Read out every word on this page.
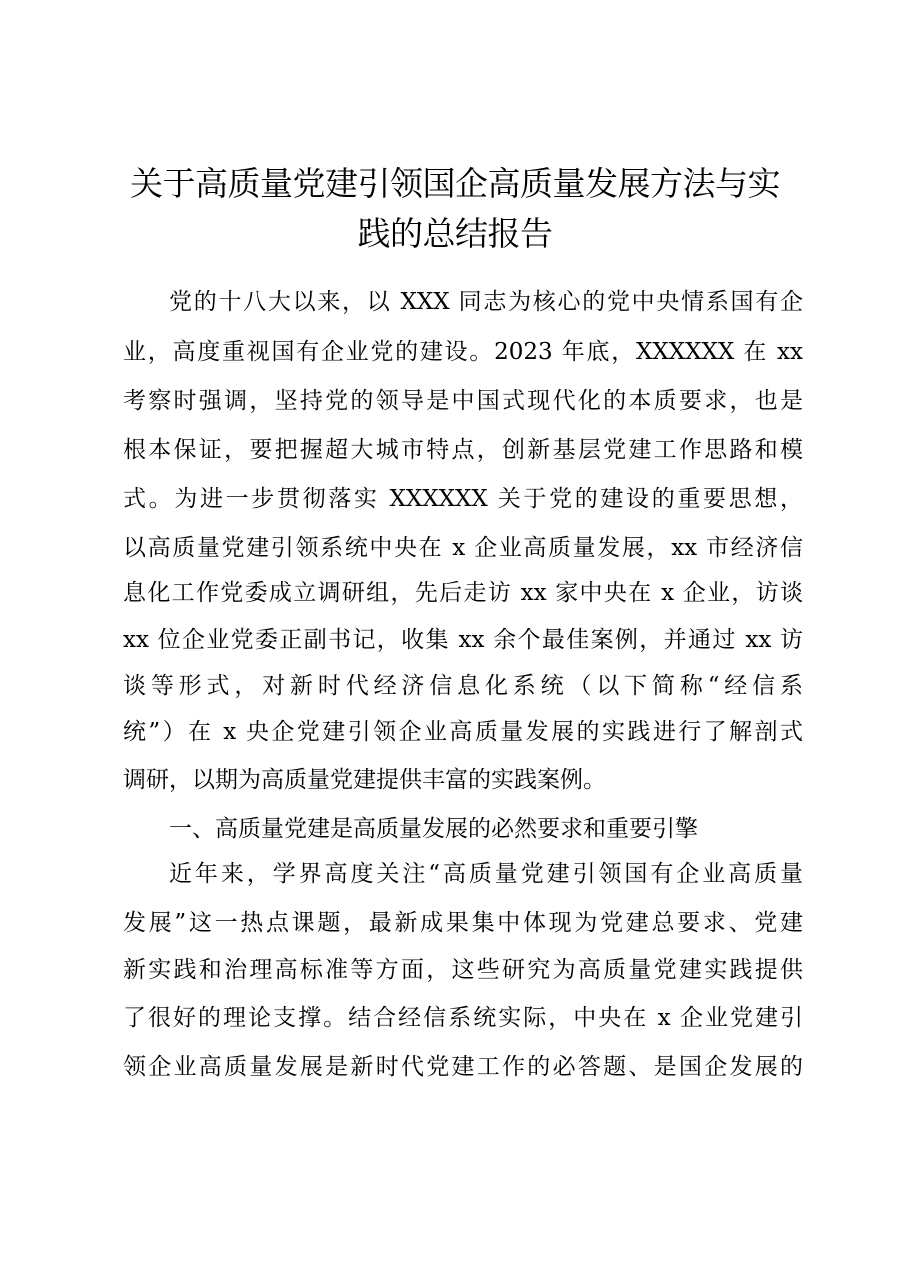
关于高质量党建引领国企高质量发展方法与实
践的总结报告
党的十八大以来，以 XXX 同志为核心的党中央情系国有企
业，高度重视国有企业党的建设。2023 年底，XXXXXX 在 xx
考察时强调，坚持党的领导是中国式现代化的本质要求，也是
根本保证，要把握超大城市特点，创新基层党建工作思路和模
式。为进一步贯彻落实 XXXXXX 关于党的建设的重要思想，
以高质量党建引领系统中央在 x 企业高质量发展，xx 市经济信
息化工作党委成立调研组，先后走访 xx 家中央在 x 企业，访谈
xx 位企业党委正副书记，收集 xx 余个最佳案例，并通过 xx 访
谈等形式，对新时代经济信息化系统（以下简称“经信系
统”）在 x 央企党建引领企业高质量发展的实践进行了解剖式
调研，以期为高质量党建提供丰富的实践案例。
一、高质量党建是高质量发展的必然要求和重要引擎
近年来，学界高度关注“高质量党建引领国有企业高质量
发展”这一热点课题，最新成果集中体现为党建总要求、党建
新实践和治理高标准等方面，这些研究为高质量党建实践提供
了很好的理论支撑。结合经信系统实际，中央在 x 企业党建引
领企业高质量发展是新时代党建工作的必答题、是国企发展的
